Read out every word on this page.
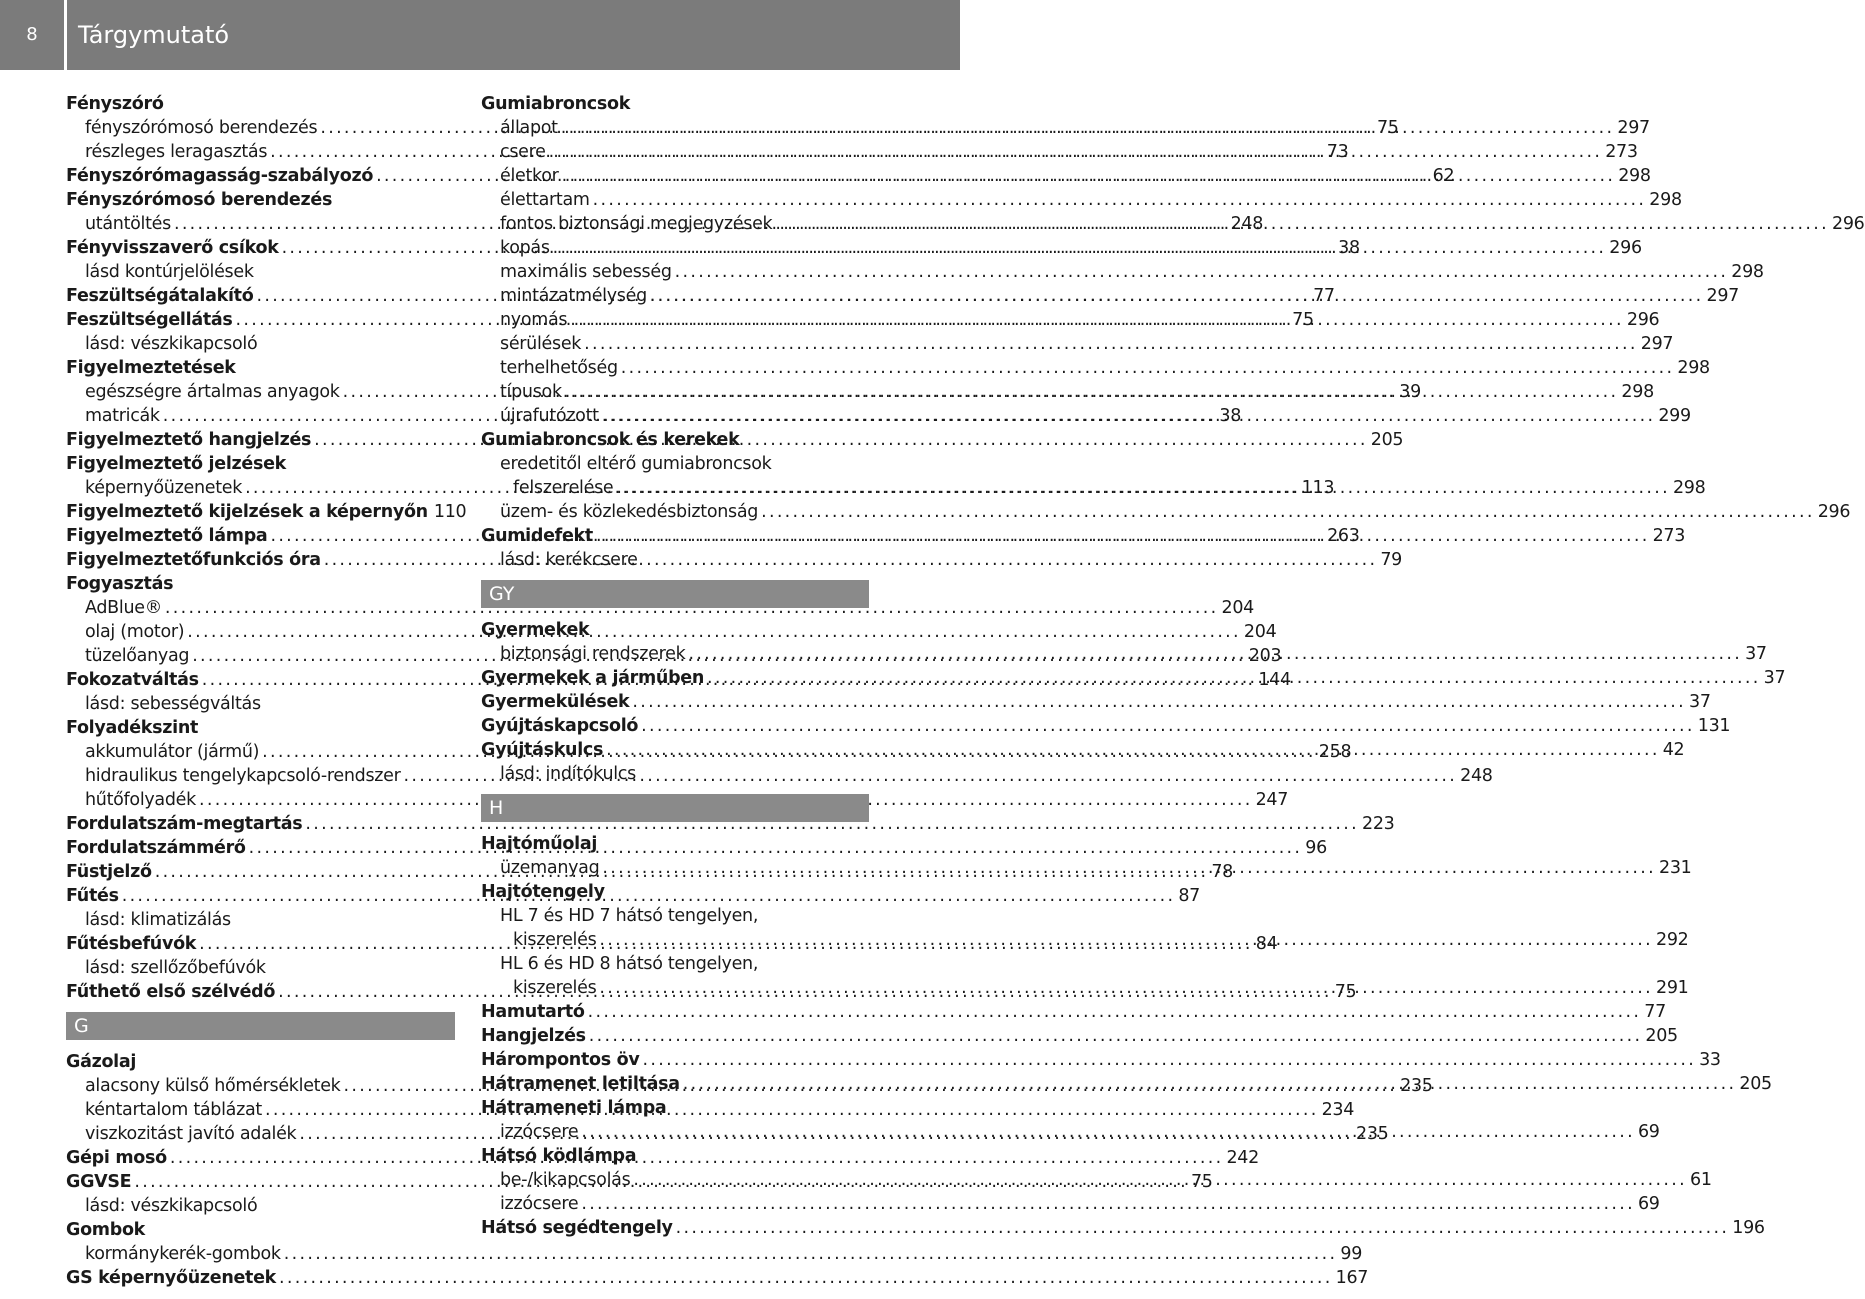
8	Tárgymutató
Fényszóró
fényszórómosó berendezés .....	75
részleges leragasztás .....	73
Fényszórómagasság-szabályozó .....	62
Fényszórómosó berendezés
utántöltés .....	248
Fényvisszaverő csíkok .....	38
lásd kontúrjelölések
Feszültségátalakító .....	77
Feszültségellátás .....	75
lásd: vészkikapcsoló
Figyelmeztetések
egészségre ártalmas anyagok .....	39
matricák .....	38
Figyelmeztető hangjelzés .....	205
Figyelmeztető jelzések
képernyőüzenetek .....	113
Figyelmeztető kijelzések a képernyőn 110
Figyelmeztető lámpa .....	263
Figyelmeztetőfunkciós óra .....	79
Fogyasztás
AdBlue® .....	204
olaj (motor) .....	204
tüzelőanyag .....	203
Fokozatváltás .....	144
lásd: sebességváltás
Folyadékszint
akkumulátor (jármű) .....	258
hidraulikus tengelykapcsoló-rendszer .....	248
hűtőfolyadék .....	247
Fordulatszám-megtartás .....	223
Fordulatszámmérő .....	96
Füstjelző .....	78
Fűtés .....	87
lásd: klimatizálás
Fűtésbefúvók .....	84
lásd: szellőzőbefúvók
Fűthető első szélvédő .....	75
G
Gázolaj
alacsony külső hőmérsékletek .....	235
kéntartalom táblázat .....	234
viszkozitást javító adalék .....	235
Gépi mosó .....	242
GGVSE .....	75
lásd: vészkikapcsoló
Gombok
kormánykerék-gombok .....	99
GS képernyőüzenetek .....	167
Gumiabroncsok
állapot .....	297
csere .....	273
életkor .....	298
élettartam .....	298
fontos biztonsági megjegyzések .....	296
kopás .....	296
maximális sebesség .....	298
mintázatmélység .....	297
nyomás .....	296
sérülések .....	297
terhelhetőség .....	298
típusok .....	298
újrafutózott .....	299
Gumiabroncsok és kerekek
eredetitől eltérő gumiabroncsok
felszerelése .....	298
üzem- és közlekedésbiztonság .....	296
Gumidefekt .....	273
lásd: kerékcsere
GY
Gyermekek
biztonsági rendszerek .....	37
Gyermekek a járműben .....	37
Gyermekülések .....	37
Gyújtáskapcsoló .....	131
Gyújtáskulcs .....	42
lásd: indítókulcs
H
Hajtóműolaj
üzemanyag .....	231
Hajtótengely
HL 7 és HD 7 hátsó tengelyen,
kiszerelés .....	292
HL 6 és HD 8 hátsó tengelyen,
kiszerelés .....	291
Hamutartó .....	77
Hangjelzés .....	205
Hárompontos öv .....	33
Hátramenet letiltása .....	205
Hátrameneti lámpa
izzócsere .....	69
Hátsó ködlámpa
be-/kikapcsolás .....	61
izzócsere .....	69
Hátsó segédtengely .....	196
